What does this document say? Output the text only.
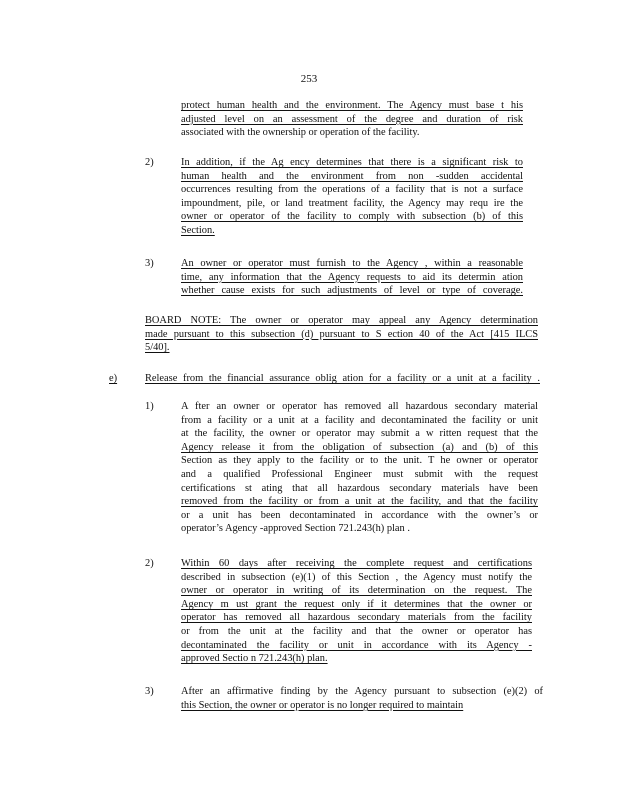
253
protect human health and the environment. The Agency must base t his
adjusted level on an assessment of the degree and duration of risk
associated with the ownership or operation of the facility.
2)	In addition, if the Ag ency determines that there is a significant risk to
human health and the environment from non -sudden accidental
occurrences resulting from the operations of a facility that is not a surface
impoundment, pile, or land treatment facility, the Agency may requ ire the
owner or operator of the facility to comply with subsection (b) of this
Section.
3)	An owner or operator must furnish to the Agency , within a reasonable
time, any information that the Agency requests to aid its determin ation
whether cause exists for such adjustments of level or type of coverage.
BOARD NOTE: The owner or operator may appeal any Agency determination
made pursuant to this subsection (d) pursuant to S ection 40 of the Act [415 ILCS
5/40].
e)	Release from the financial assurance oblig ation for a facility or a unit at a facility .
1)	A fter an owner or operator has removed all hazardous secondary material
from a facility or a unit at a facility and decontaminated the facility or unit
at the facility, the owner or operator may submit a w ritten request that the
Agency release it from the obligation of subsection (a) and (b) of this
Section as they apply to the facility or to the unit. T he owner or operator
and a qualified Professional Engineer must submit with the request
certifications st ating that all hazardous secondary materials have been
removed from the facility or from a unit at the facility, and that the facility
or a unit has been decontaminated in accordance with the owner’s or
operator’s Agency -approved Section 721.243(h) plan .
2)	Within 60 days after receiving the complete request and certifications
described in subsection (e)(1) of this Section , the Agency must notify the
owner or operator in writing of its determination on the request. The
Agency m ust grant the request only if it determines that the owner or
operator has removed all hazardous secondary materials from the facility
or from the unit at the facility and that the owner or operator has
decontaminated the facility or unit in accordance with its Agency -
approved Sectio n 721.243(h) plan.
3)	After an affirmative finding by the Agency pursuant to subsection (e)(2) of
this Section, the owner or operator is no longer required to maintain
